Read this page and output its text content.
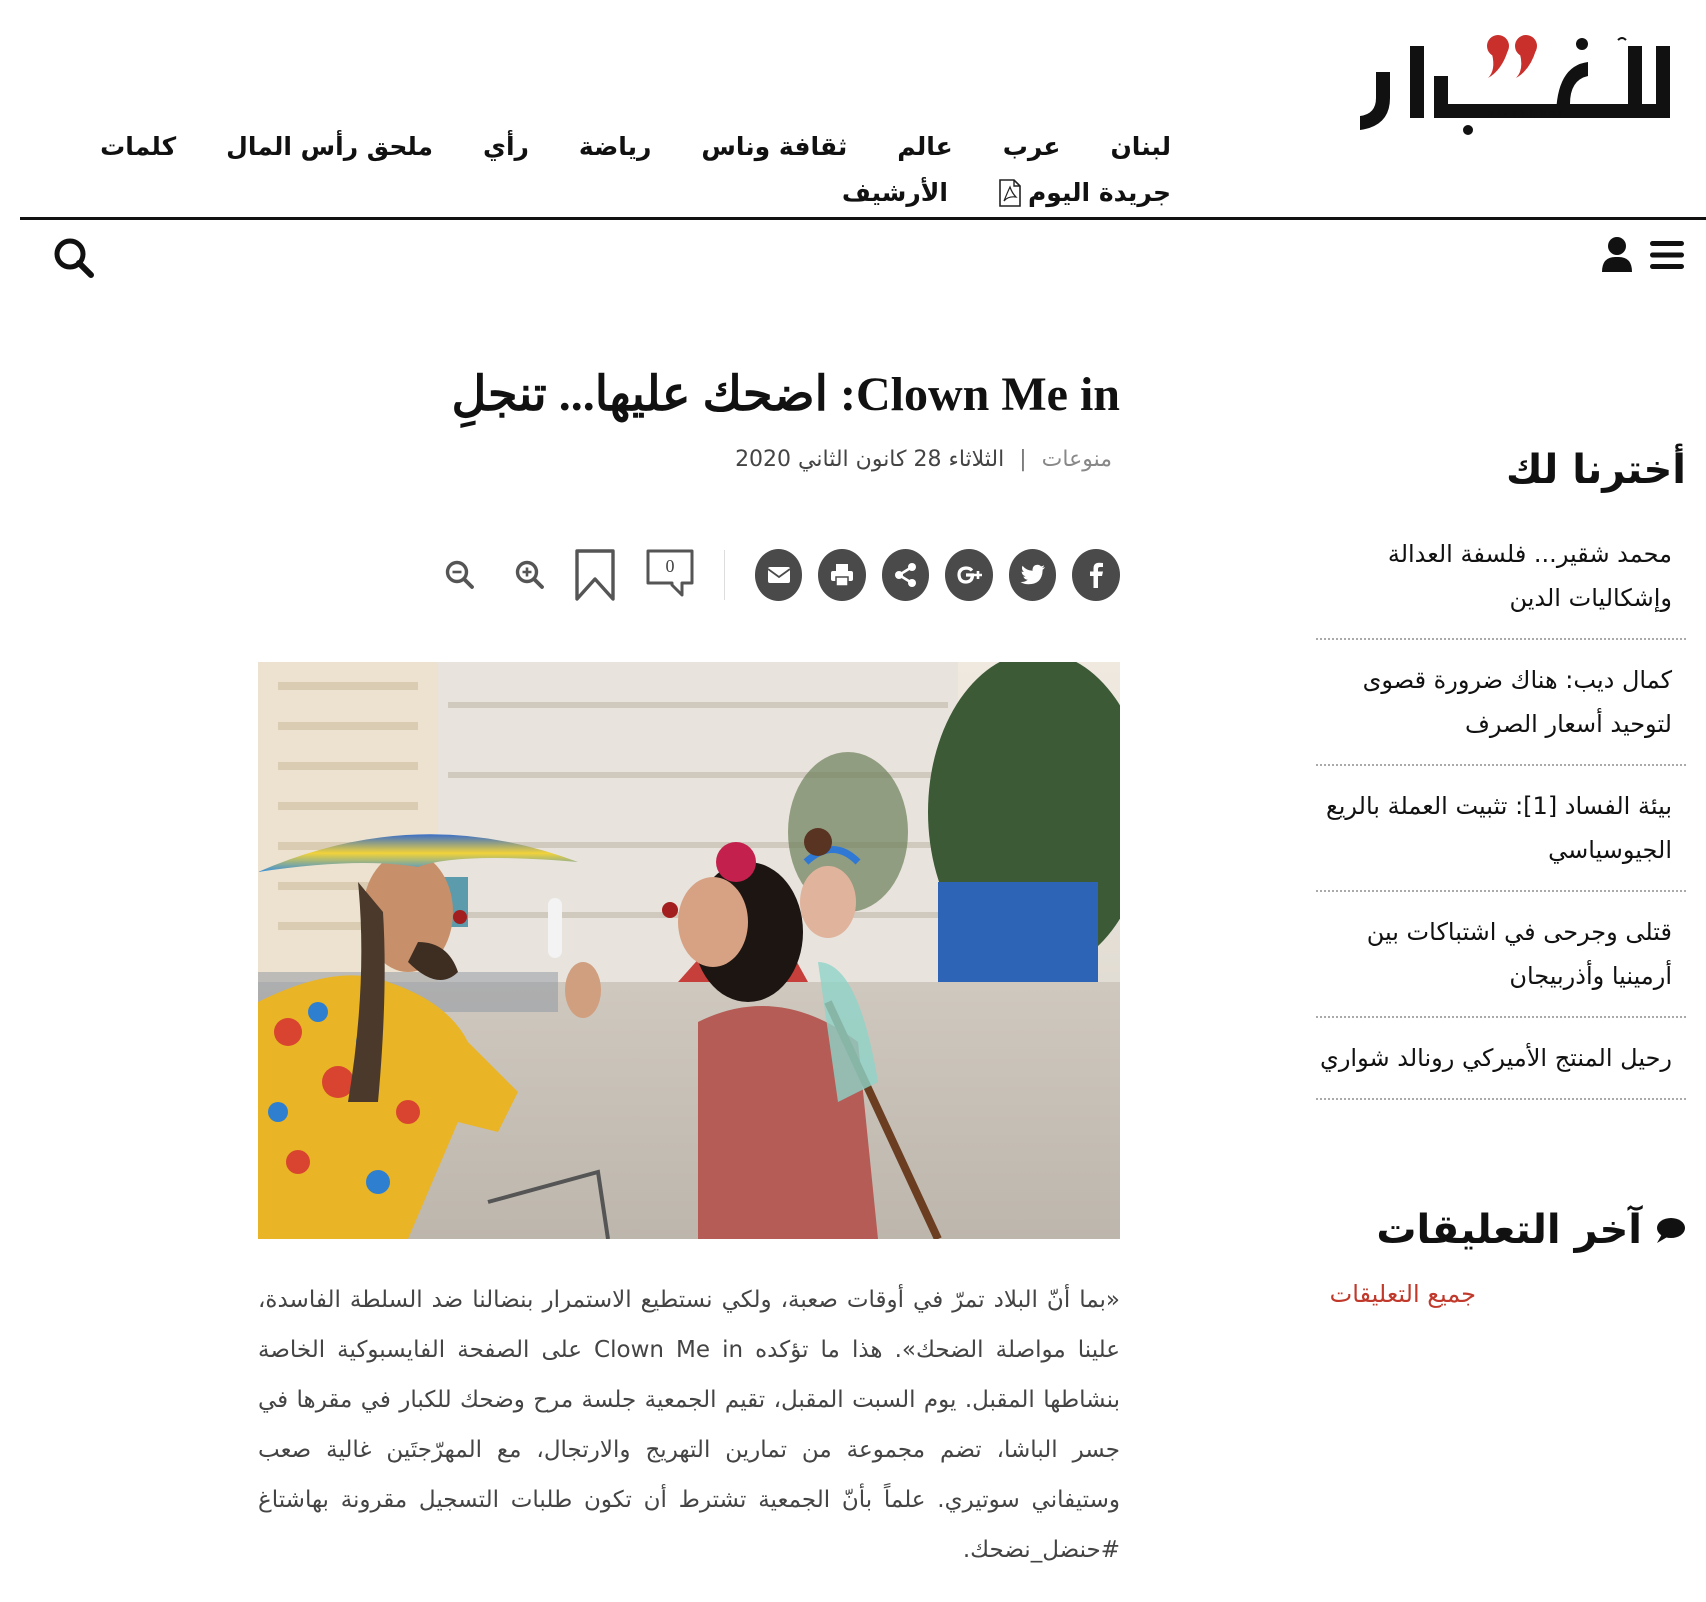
al-akhbar
لبنان
عرب
عالم
ثقافة وناس
رياضة
رأي
ملحق رأس المال
كلمات
جريدة اليوم
الأرشيف
Clown Me in: اضحك عليها... تنجلِ
منوعات | الثلاثاء 28 كانون الثاني 2020
0

«بما أنّ البلاد تمرّ في أوقات صعبة، ولكي نستطيع الاستمرار بنضالنا ضد السلطة الفاسدة، علينا مواصلة الضحك». هذا ما تؤكده Clown Me in على الصفحة الفايسبوكية الخاصة بنشاطها المقبل. يوم السبت المقبل، تقيم الجمعية جلسة مرح وضحك للكبار في مقرها في جسر الباشا، تضم مجموعة من تمارين التهريج والارتجال، مع المهرّجتَين غالية صعب وستيفاني سوتيري. علماً بأنّ الجمعية تشترط أن تكون طلبات التسجيل مقرونة بهاشتاغ #حنضل_نضحك.

أخترنا لك
محمد شقير... فلسفة العدالة وإشكاليات الدين
كمال ديب: هناك ضرورة قصوى لتوحيد أسعار الصرف
بيئة الفساد [1]: تثبيت العملة بالريع الجيوسياسي
قتلى وجرحى في اشتباكات بين أرمينيا وأذربيجان
رحيل المنتج الأميركي رونالد شواري
آخر التعليقات
جميع التعليقات
